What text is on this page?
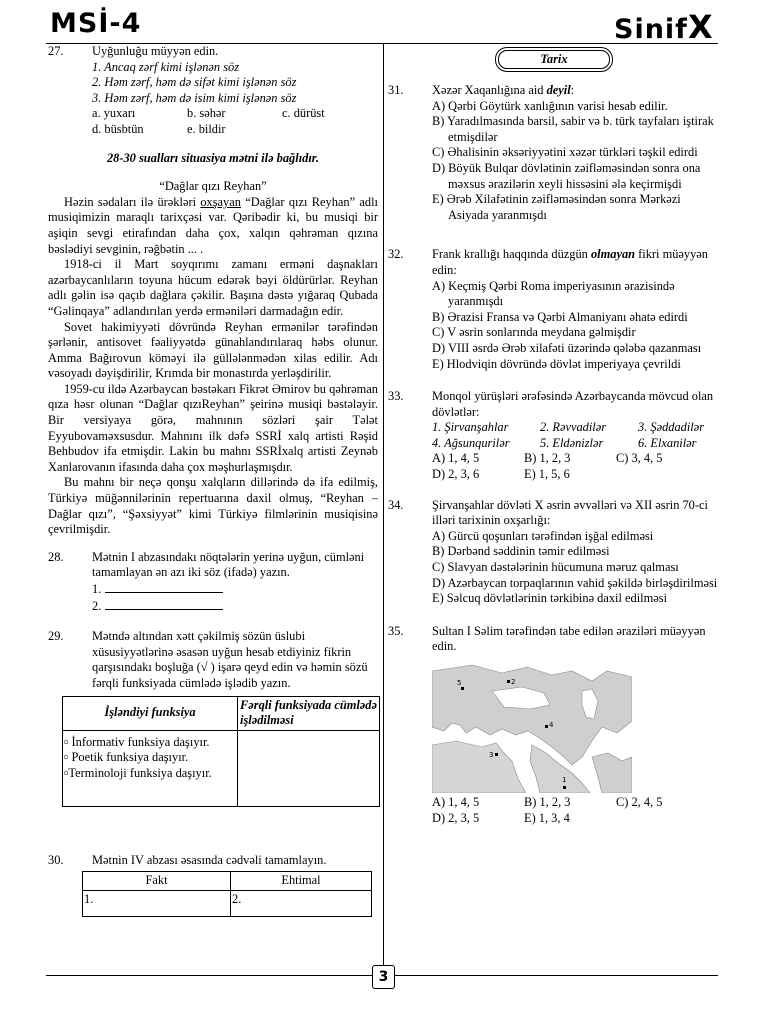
MSİ-4	SinifX
3
27.	Uyğunluğu müyyən edin.
1. Ancaq zərf kimi işlənən söz
2. Həm zərf, həm də sifət kimi işlənən söz
3. Həm zərf, həm də isim kimi işlənən söz
a. yuxarı	b. səhər	c. dürüst
d. büsbtün	e. bildir
28-30 sualları situasiya mətni ilə bağlıdır.
“Dağlar qızı Reyhan”
Həzin sədaları ilə ürəkləri oxşayan “Dağlar qızı Reyhan” adlı musiqimizin maraqlı tarixçəsi var. Qəribədir ki, bu musiqi bir aşiqin sevgi etirafından daha çox, xalqın qəhrəman qızına bəslədiyi sevginin, rəğbətin ... .
1918-ci il Mart soyqırımı zamanı erməni daşnakları azərbaycanlıların toyuna hücum edərək bəyi öldürürlər. Reyhan adlı gəlin isə qaçıb dağlara çəkilir. Başına dəstə yığaraq Qubada “Gəlinqaya” adlandırılan yerdə erməniləri darmadağın edir.
Sovet hakimiyyəti dövründə Reyhan ermənilər tərəfindən şərlənir, antisovet fəaliyyətdə günahlandırılaraq həbs olunur. Amma Bağırovun köməyi ilə güllələnmədən xilas edilir. Adı vəsoyadı dəyişdirilir, Krımda bir monastırda yerləşdirilir.
1959-cu ildə Azərbaycan bəstəkarı Fikrət Əmirov bu qəhrəman qıza həsr olunan “Dağlar qızıReyhan” şeirinə musiqi bəstələyir. Bir versiyaya görə, mahnının sözləri şair Tələt Eyyubovaməxsusdur. Mahnını ilk dəfə SSRİ xalq artisti Rəşid Behbudov ifa etmişdir. Lakin bu mahnı SSRİxalq artisti Zeynəb Xanlarovanın ifasında daha çox məşhurlaşmışdır.
Bu mahnı bir neçə qonşu xalqların dillərində də ifa edilmiş, Türkiyə müğənnilərinin repertuarına daxil olmuş, “Reyhan – Dağlar qızı”, “Şəxsiyyət” kimi Türkiyə filmlərinin musiqisinə çevrilmişdir.
28.	Mətnin I abzasındakı nöqtələrin yerinə uyğun, cümləni tamamlayan ən azı iki söz (ifadə) yazın.
1.
2.
29.	Mətndə altından xətt çəkilmiş sözün üslubi xüsusiyyətlərinə əsasən uyğun hesab etdiyiniz fikrin qarşısındakı boşluğa (√ ) işarə qeyd edin və həmin sözü fərqli funksiyada cümlədə işlədib yazın.
İşləndiyi funksiya	Fərqli funksiyada cümlədə işlədilməsi

▫ İnformativ funksiya daşıyır.
▫ Poetik funksiya daşıyır.
▫Terminoloji funksiya daşıyır.	

30.	Mətnin IV abzası əsasında cədvəli tamamlayın.
Fakt	Ehtimal
1.	2.
Tarix
31.	Xəzər Xaqanlığına aid deyil:
A) Qərbi Göytürk xanlığının varisi hesab edilir.
B) Yaradılmasında barsil, sabir və b. türk tayfaları iştirak etmişdilər
C) Əhalisinin əksəriyyətini xəzər türkləri təşkil edirdi
D) Böyük Bulqar dövlətinin zəifləməsindən sonra ona məxsus ərazilərin xeyli hissəsini ələ keçirmişdi
E) Ərəb Xilafətinin zəifləməsindən sonra Mərkəzi Asiyada yaranmışdı
32.	Frank krallığı haqqında düzgün olmayan fikri müəyyən edin:
A) Keçmiş Qərbi Roma imperiyasının ərazisində yaranmışdı
B) Ərazisi Fransa və Qərbi Almaniyanı əhatə edirdi
C) V əsrin sonlarında meydana gəlmişdir
D) VIII əsrdə Ərəb xilafəti üzərində qələbə qazanması
E) Hlodviqin dövründə dövlət imperiyaya çevrildi
33.	Monqol yürüşləri ərəfəsində Azərbaycanda mövcud olan dövlətlər:
1. Şirvanşahlar	2. Rəvvadilər	3. Şəddadilər
4. Ağsunqurilər	5. Eldənizlər	6. Elxanilər
A) 1, 4, 5	B) 1, 2, 3	C) 3, 4, 5
D) 2, 3, 6	E) 1, 5, 6
34.	Şirvanşahlar dövləti X əsrin əvvəlləri və XII əsrin 70-ci illəri tarixinin oxşarlığı:
A) Gürcü qoşunları tərəfindən işğal edilməsi
B) Dərbənd səddinin təmir edilməsi
C) Slavyan dəstələrinin hücumuna məruz qalması
D) Azərbaycan torpaqlarının vahid şəkildə birləşdirilməsi
E) Səlcuq dövlətlərinin tərkibinə daxil edilməsi
35.	Sultan I Səlim tərəfindən tabe edilən əraziləri müəyyən edin.
1
2
3
4
5
A) 1, 4, 5	B) 1, 2, 3	C) 2, 4, 5
D) 2, 3, 5	E) 1, 3, 4
